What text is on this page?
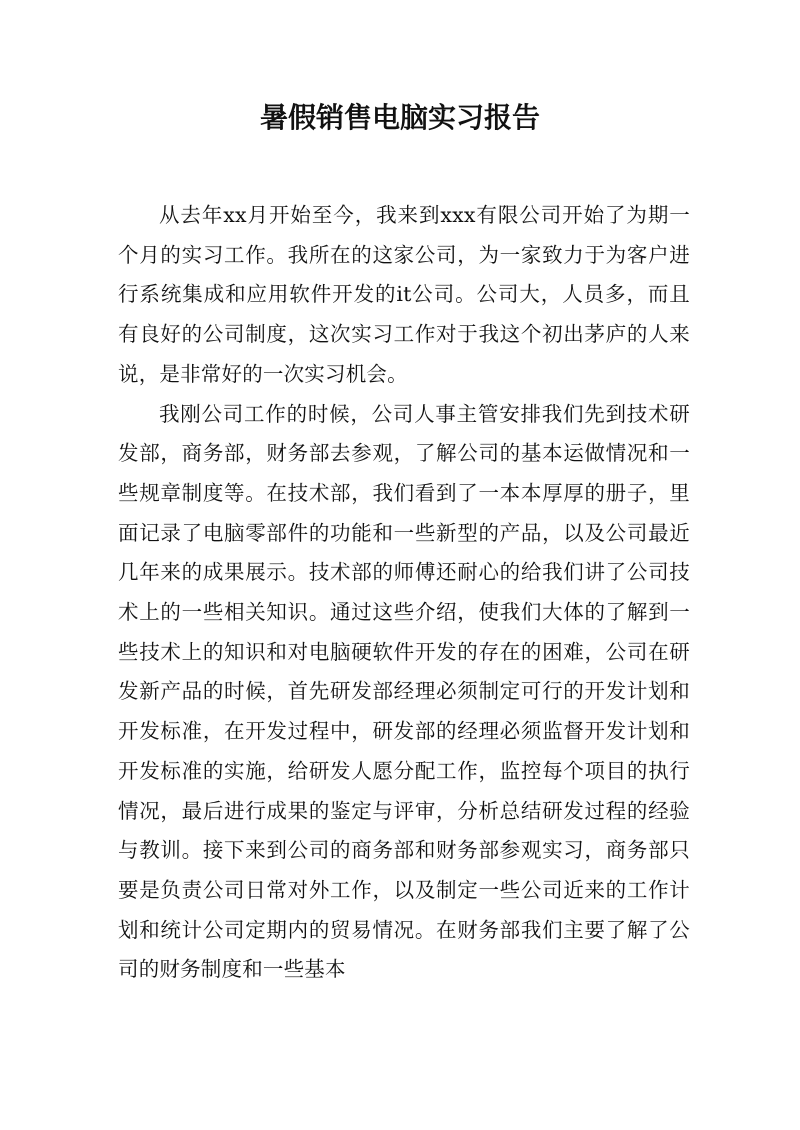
暑假销售电脑实习报告

从去年xx月开始至今，我来到xxx有限公司开始了为期一个月的实习工作。我所在的这家公司，为一家致力于为客户进行系统集成和应用软件开发的it公司。公司大，人员多，而且有良好的公司制度，这次实习工作对于我这个初出茅庐的人来说，是非常好的一次实习机会。

我刚公司工作的时候，公司人事主管安排我们先到技术研发部，商务部，财务部去参观，了解公司的基本运做情况和一些规章制度等。在技术部，我们看到了一本本厚厚的册子，里面记录了电脑零部件的功能和一些新型的产品，以及公司最近几年来的成果展示。技术部的师傅还耐心的给我们讲了公司技术上的一些相关知识。通过这些介绍，使我们大体的了解到一些技术上的知识和对电脑硬软件开发的存在的困难，公司在研发新产品的时候，首先研发部经理必须制定可行的开发计划和开发标准，在开发过程中，研发部的经理必须监督开发计划和开发标准的实施，给研发人愿分配工作，监控每个项目的执行情况，最后进行成果的鉴定与评审，分析总结研发过程的经验与教训。接下来到公司的商务部和财务部参观实习，商务部只要是负责公司日常对外工作，以及制定一些公司近来的工作计划和统计公司定期内的贸易情况。在财务部我们主要了解了公司的财务制度和一些基本
